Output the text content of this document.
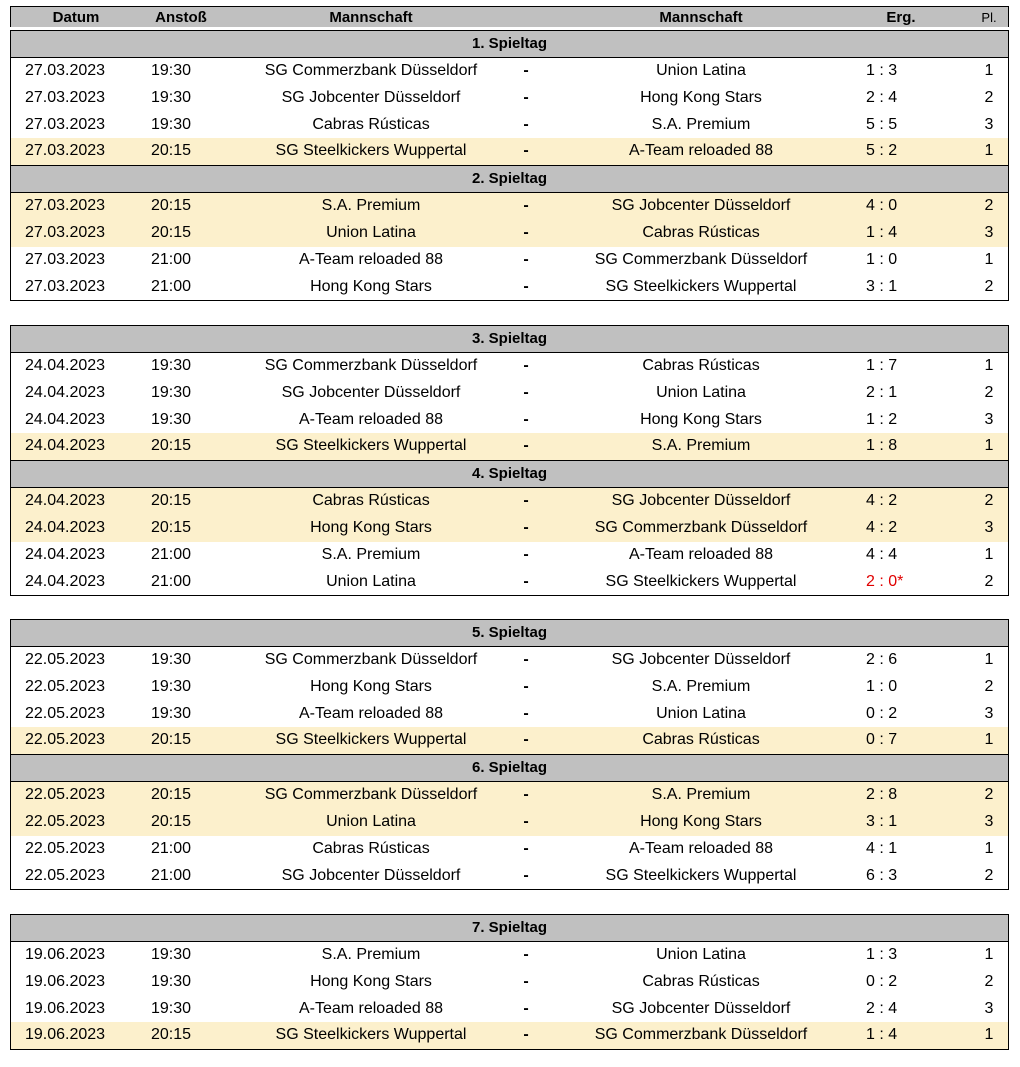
Datum	Anstoß	Mannschaft	Mannschaft	Erg.	Pl.
1. Spieltag
27.03.2023	19:30	SG Commerzbank Düsseldorf	-	Union Latina	1 : 3	1
27.03.2023	19:30	SG Jobcenter Düsseldorf	-	Hong Kong Stars	2 : 4	2
27.03.2023	19:30	Cabras Rústicas	-	S.A. Premium	5 : 5	3
27.03.2023	20:15	SG Steelkickers Wuppertal	-	A-Team reloaded 88	5 : 2	1
2. Spieltag
27.03.2023	20:15	S.A. Premium	-	SG Jobcenter Düsseldorf	4 : 0	2
27.03.2023	20:15	Union Latina	-	Cabras Rústicas	1 : 4	3
27.03.2023	21:00	A-Team reloaded 88	-	SG Commerzbank Düsseldorf	1 : 0	1
27.03.2023	21:00	Hong Kong Stars	-	SG Steelkickers Wuppertal	3 : 1	2
3. Spieltag
24.04.2023	19:30	SG Commerzbank Düsseldorf	-	Cabras Rústicas	1 : 7	1
24.04.2023	19:30	SG Jobcenter Düsseldorf	-	Union Latina	2 : 1	2
24.04.2023	19:30	A-Team reloaded 88	-	Hong Kong Stars	1 : 2	3
24.04.2023	20:15	SG Steelkickers Wuppertal	-	S.A. Premium	1 : 8	1
4. Spieltag
24.04.2023	20:15	Cabras Rústicas	-	SG Jobcenter Düsseldorf	4 : 2	2
24.04.2023	20:15	Hong Kong Stars	-	SG Commerzbank Düsseldorf	4 : 2	3
24.04.2023	21:00	S.A. Premium	-	A-Team reloaded 88	4 : 4	1
24.04.2023	21:00	Union Latina	-	SG Steelkickers Wuppertal	2 : 0*	2
5. Spieltag
22.05.2023	19:30	SG Commerzbank Düsseldorf	-	SG Jobcenter Düsseldorf	2 : 6	1
22.05.2023	19:30	Hong Kong Stars	-	S.A. Premium	1 : 0	2
22.05.2023	19:30	A-Team reloaded 88	-	Union Latina	0 : 2	3
22.05.2023	20:15	SG Steelkickers Wuppertal	-	Cabras Rústicas	0 : 7	1
6. Spieltag
22.05.2023	20:15	SG Commerzbank Düsseldorf	-	S.A. Premium	2 : 8	2
22.05.2023	20:15	Union Latina	-	Hong Kong Stars	3 : 1	3
22.05.2023	21:00	Cabras Rústicas	-	A-Team reloaded 88	4 : 1	1
22.05.2023	21:00	SG Jobcenter Düsseldorf	-	SG Steelkickers Wuppertal	6 : 3	2
7. Spieltag
19.06.2023	19:30	S.A. Premium	-	Union Latina	1 : 3	1
19.06.2023	19:30	Hong Kong Stars	-	Cabras Rústicas	0 : 2	2
19.06.2023	19:30	A-Team reloaded 88	-	SG Jobcenter Düsseldorf	2 : 4	3
19.06.2023	20:15	SG Steelkickers Wuppertal	-	SG Commerzbank Düsseldorf	1 : 4	1
